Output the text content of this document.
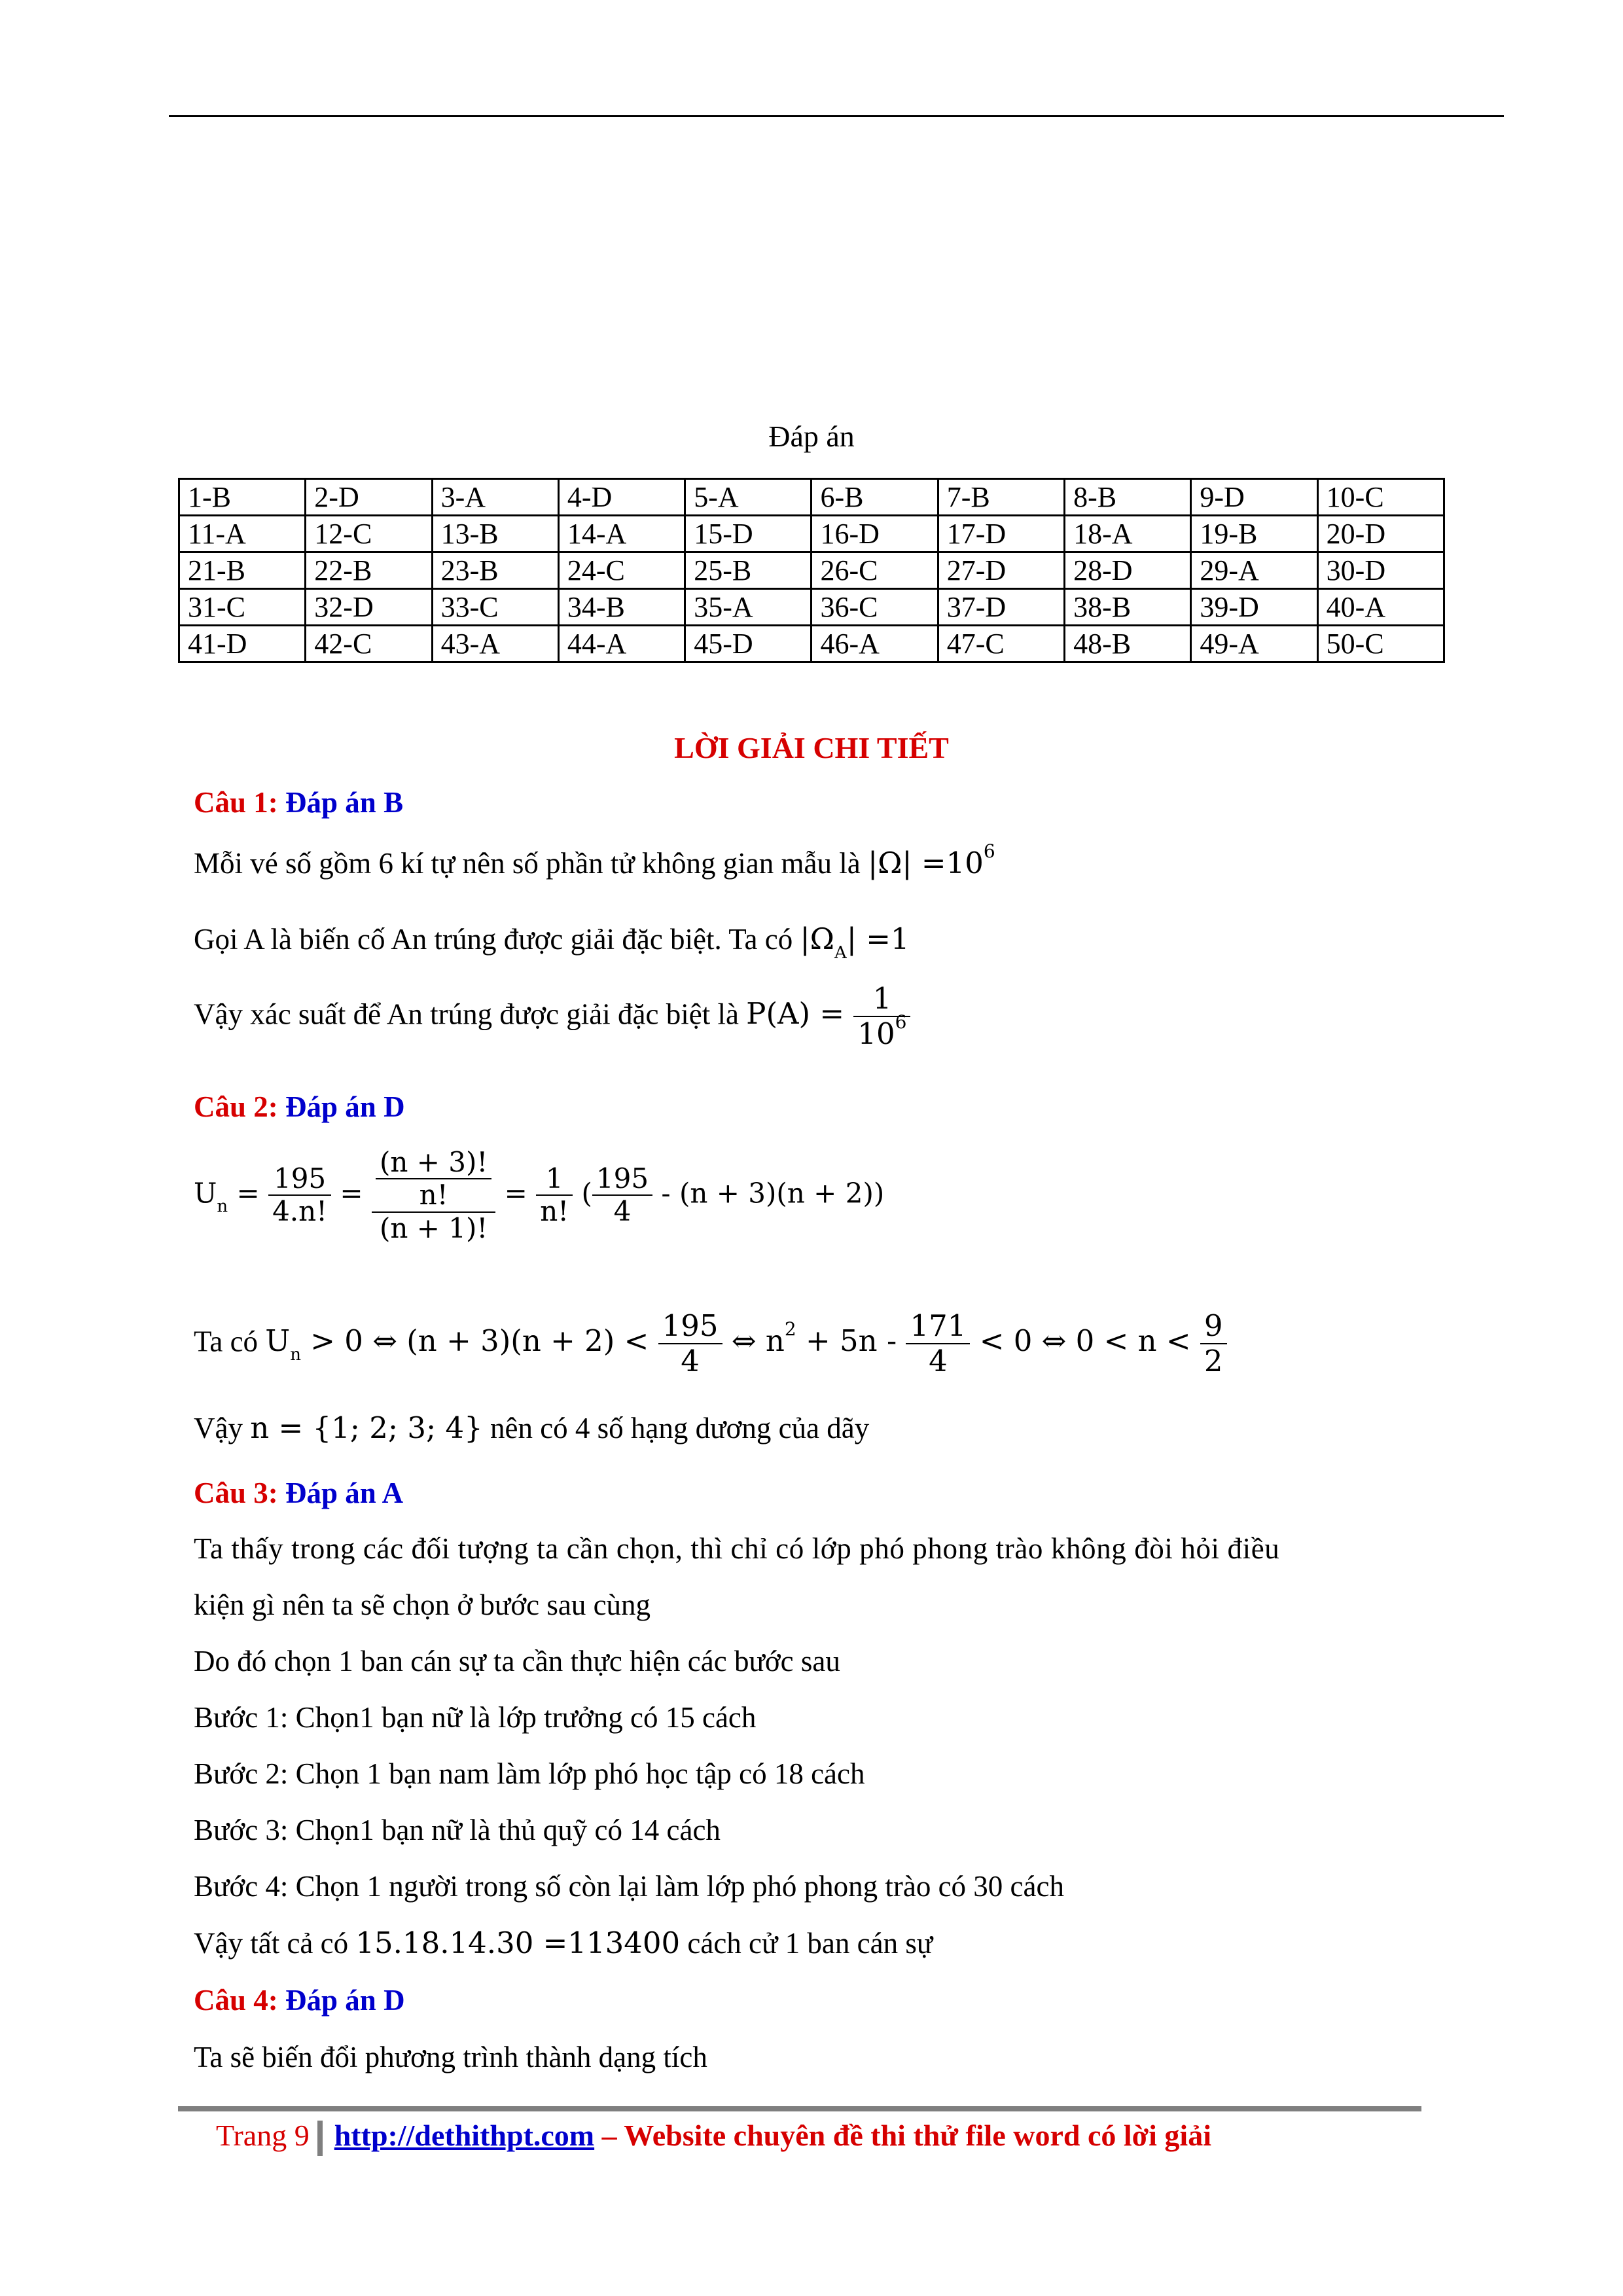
Đáp án
1-B	2-D	3-A	4-D	5-A	6-B	7-B	8-B	9-D	10-C
11-A	12-C	13-B	14-A	15-D	16-D	17-D	18-A	19-B	20-D
21-B	22-B	23-B	24-C	25-B	26-C	27-D	28-D	29-A	30-D
31-C	32-D	33-C	34-B	35-A	36-C	37-D	38-B	39-D	40-A
41-D	42-C	43-A	44-A	45-D	46-A	47-C	48-B	49-A	50-C
LỜI GIẢI CHI TIẾT
Câu 1: Đáp án B
Mỗi vé số gồm 6 kí tự nên số phần tử không gian mẫu là $|\Omega| =10^6$
Gọi A là biến cố An trúng được giải đặc biệt. Ta có $|\Omega_A| =1$
Vậy xác suất để An trúng được giải đặc biệt là $P(A) = \frac{1}{10^6}$
Câu 2: Đáp án D
$U_n = \frac{195}{4.n!} = \frac{\frac{(n + 3)!}{n!}}{(n + 1)!} = \frac{1}{n!}$ ( $\frac{195}{4} - (n + 3)(n + 2)$)
Ta có $U_n > 0$ ⇔ $(n + 3)(n + 2) < \frac{195}{4}$ ⇔ $n^2 + 5n - \frac{171}{4} < 0$ ⇔ $0 < n < \frac{9}{2}$
Vậy n = {1; 2; 3; 4} nên có 4 số hạng dương của dãy
Câu 3: Đáp án A
Ta thấy trong các đối tượng ta cần chọn, thì chỉ có lớp phó phong trào không đòi hỏi điều
kiện gì nên ta sẽ chọn ở bước sau cùng
Do đó chọn 1 ban cán sự ta cần thực hiện các bước sau
Bước 1: Chọn1 bạn nữ là lớp trưởng có 15 cách
Bước 2: Chọn 1 bạn nam làm lớp phó học tập có 18 cách
Bước 3: Chọn1 bạn nữ là thủ quỹ có 14 cách
Bước 4: Chọn 1 người trong số còn lại làm lớp phó phong trào có 30 cách
Vậy tất cả có 15.18.14.30 =113400 cách cử 1 ban cán sự
Câu 4: Đáp án D
Ta sẽ biến đổi phương trình thành dạng tích
Trang 9 http://dethithpt.com – Website chuyên đề thi thử file word có lời giải
